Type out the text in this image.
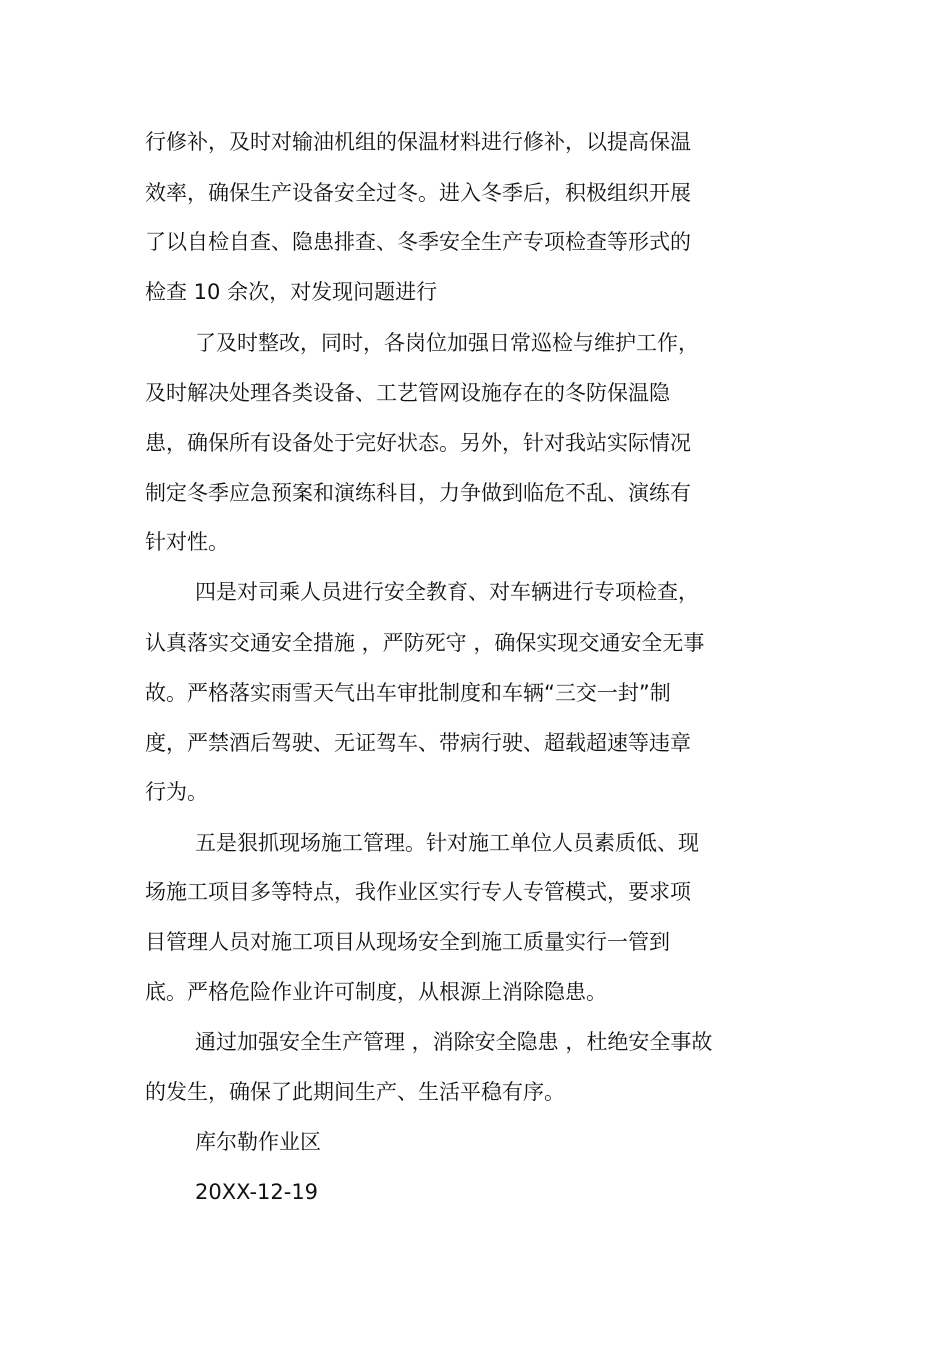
行修补，及时对输油机组的保温材料进行修补，以提高保温

效率，确保生产设备安全过冬。进入冬季后，积极组织开展

了以自检自查、隐患排查、冬季安全生产专项检查等形式的

检查 10 余次，对发现问题进行

了及时整改，同时，各岗位加强日常巡检与维护工作，

及时解决处理各类设备、工艺管网设施存在的冬防保温隐

患，确保所有设备处于完好状态。另外，针对我站实际情况

制定冬季应急预案和演练科目，力争做到临危不乱、演练有

针对性。

四是对司乘人员进行安全教育、对车辆进行专项检查，

认真落实交通安全措施 ，严防死守 ，确保实现交通安全无事

故。严格落实雨雪天气出车审批制度和车辆“三交一封”制

度，严禁酒后驾驶、无证驾车、带病行驶、超载超速等违章

行为。

五是狠抓现场施工管理。针对施工单位人员素质低、现

场施工项目多等特点，我作业区实行专人专管模式，要求项

目管理人员对施工项目从现场安全到施工质量实行一管到

底。严格危险作业许可制度，从根源上消除隐患。

通过加强安全生产管理 ，消除安全隐患 ，杜绝安全事故

的发生，确保了此期间生产、生活平稳有序。

库尔勒作业区

20XX-12-19
